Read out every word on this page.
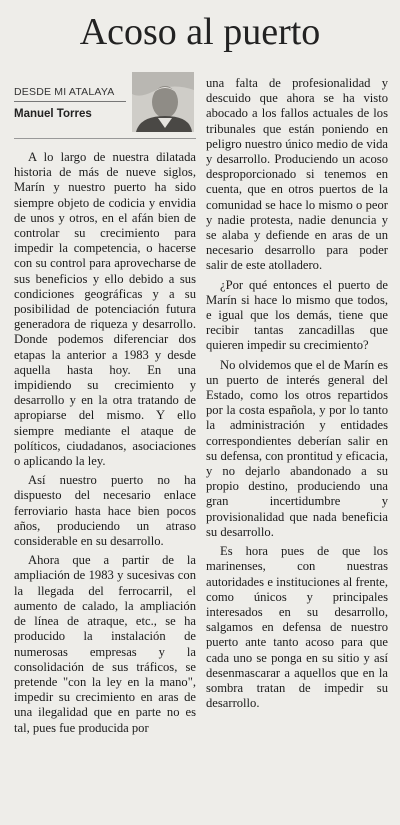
Acoso al puerto
DESDE MI ATALAYA
Manuel Torres

A lo largo de nuestra dilatada historia de más de nueve siglos, Marín y nuestro puerto ha sido siempre objeto de codicia y envidia de unos y otros, en el afán bien de controlar su crecimiento para impedir la competencia, o hacerse con su control para aprovecharse de sus beneficios y ello debido a sus condiciones geográficas y a su posibilidad de potenciación futura generadora de riqueza y desarrollo. Donde podemos diferenciar dos etapas la anterior a 1983 y desde aquella hasta hoy. En una impidiendo su crecimiento y desarrollo y en la otra tratando de apropiarse del mismo. Y ello siempre mediante el ataque de políticos, ciudadanos, asociaciones o aplicando la ley.

Así nuestro puerto no ha dispuesto del necesario enlace ferroviario hasta hace bien pocos años, produciendo un atraso considerable en su desarrollo.

Ahora que a partir de la ampliación de 1983 y sucesivas con la llegada del ferrocarril, el aumento de calado, la ampliación de línea de atraque, etc., se ha producido la instalación de numerosas empresas y la consolidación de sus tráficos, se pretende "con la ley en la mano", impedir su crecimiento en aras de una ilegalidad que en parte no es tal, pues fue producida por

una falta de profesionalidad y descuido que ahora se ha visto abocado a los fallos actuales de los tribunales que están poniendo en peligro nuestro único medio de vida y desarrollo. Produciendo un acoso desproporcionado si tenemos en cuenta, que en otros puertos de la comunidad se hace lo mismo o peor y nadie protesta, nadie denuncia y se alaba y defiende en aras de un necesario desarrollo para poder salir de este atolladero.

¿Por qué entonces el puerto de Marín si hace lo mismo que todos, e igual que los demás, tiene que recibir tantas zancadillas que quieren impedir su crecimiento?

No olvidemos que el de Marín es un puerto de interés general del Estado, como los otros repartidos por la costa española, y por lo tanto la administración y entidades correspondientes deberían salir en su defensa, con prontitud y eficacia, y no dejarlo abandonado a su propio destino, produciendo una gran incertidumbre y provisionalidad que nada beneficia su desarrollo.

Es hora pues de que los marinenses, con nuestras autoridades e instituciones al frente, como únicos y principales interesados en su desarrollo, salgamos en defensa de nuestro puerto ante tanto acoso para que cada uno se ponga en su sitio y así desenmascarar a aquellos que en la sombra tratan de impedir su desarrollo.
